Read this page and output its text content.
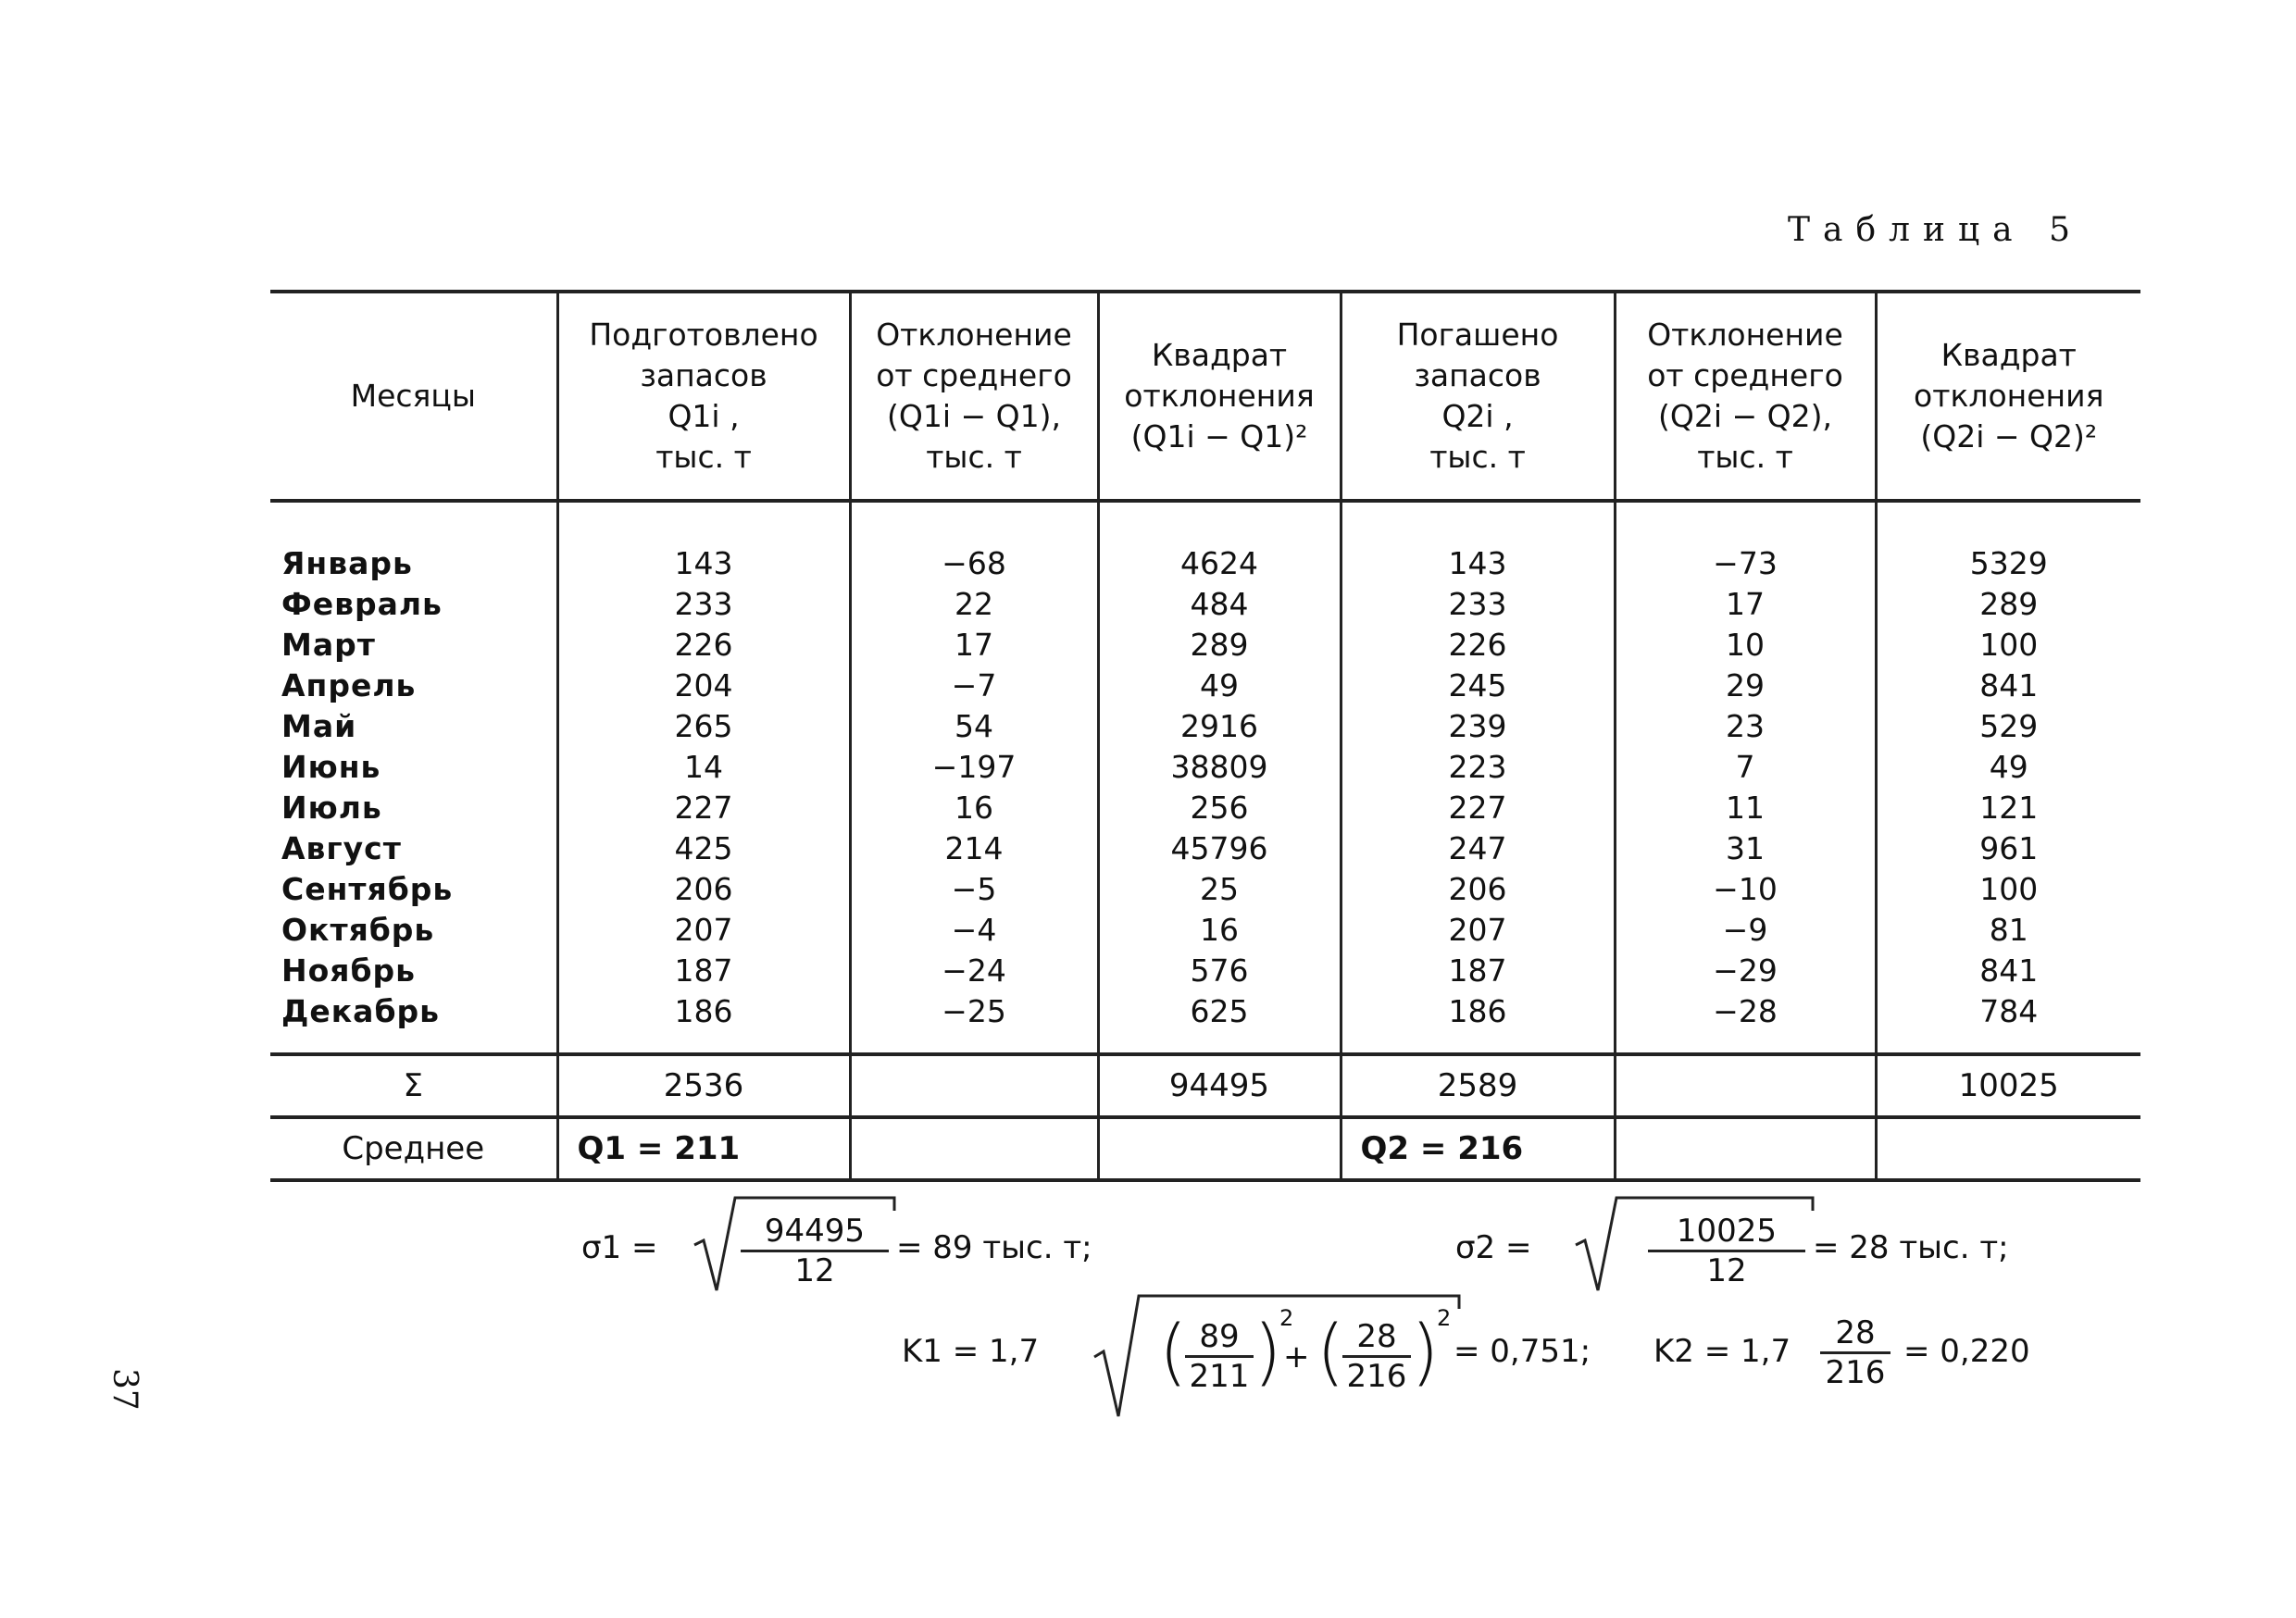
37
Таблица 5
Месяцы	Подготовлено
запасов
Q1i ,
тыс. т	Отклонение
от среднего
(Q1i − Q1),
тыс. т	Квадрат
отклонения
(Q1i − Q1)²	Погашено
запасов
Q2i ,
тыс. т	Отклонение
от среднего
(Q2i − Q2),
тыс. т	Квадрат
отклонения
(Q2i − Q2)²

Январь	143	−68	4624	143	−73	5329
Февраль	233	22	484	233	17	289
Март	226	17	289	226	10	100
Апрель	204	−7	49	245	29	841
Май	265	54	2916	239	23	529
Июнь	14	−197	38809	223	7	49
Июль	227	16	256	227	11	121
Август	425	214	45796	247	31	961
Сентябрь	206	−5	25	206	−10	100
Октябрь	207	−4	16	207	−9	81
Ноябрь	187	−24	576	187	−29	841
Декабрь	186	−25	625	186	−28	784

Σ	2536		94495	2589		10025
Среднее	Q1 = 211			Q2 = 216		
σ1 =	$\frac{94495}{12} = 89$ тыс. т;	σ2 =	$\frac{10025}{12} = 28$ тыс. т;
K1 = 1,7 (
$\frac{89}{211}$ )
2
+ (
$\frac{28}{216}$ )
2
= 0,751; $K2 = 1,7 \frac{28}{216} = 0,220$
